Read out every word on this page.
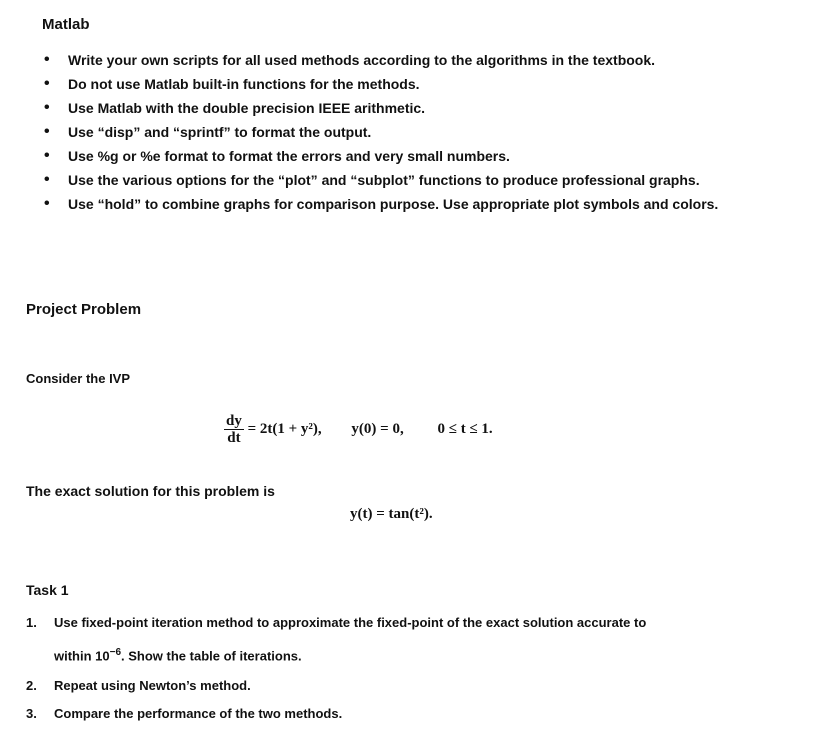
Matlab
• Write your own scripts for all used methods according to the algorithms in the textbook.
• Do not use Matlab built-in functions for the methods.
• Use Matlab with the double precision IEEE arithmetic.
• Use “disp” and “sprintf” to format the output.
• Use %g or %e format to format the errors and very small numbers.
• Use the various options for the “plot” and “subplot” functions to produce professional graphs.
• Use “hold” to combine graphs for comparison purpose. Use appropriate plot symbols and colors.
Project Problem
Consider the IVP
$\frac{dy}{dt} = 2t(1 + y^2)$, y(0) = 0, 0 ≤ t ≤ 1.
The exact solution for this problem is
y(t) = tan(t²).
Task 1
1. Use fixed-point iteration method to approximate the fixed-point of the exact solution accurate to
within $10^{-6}$. Show the table of iterations.
2. Repeat using Newton’s method.
3. Compare the performance of the two methods.
